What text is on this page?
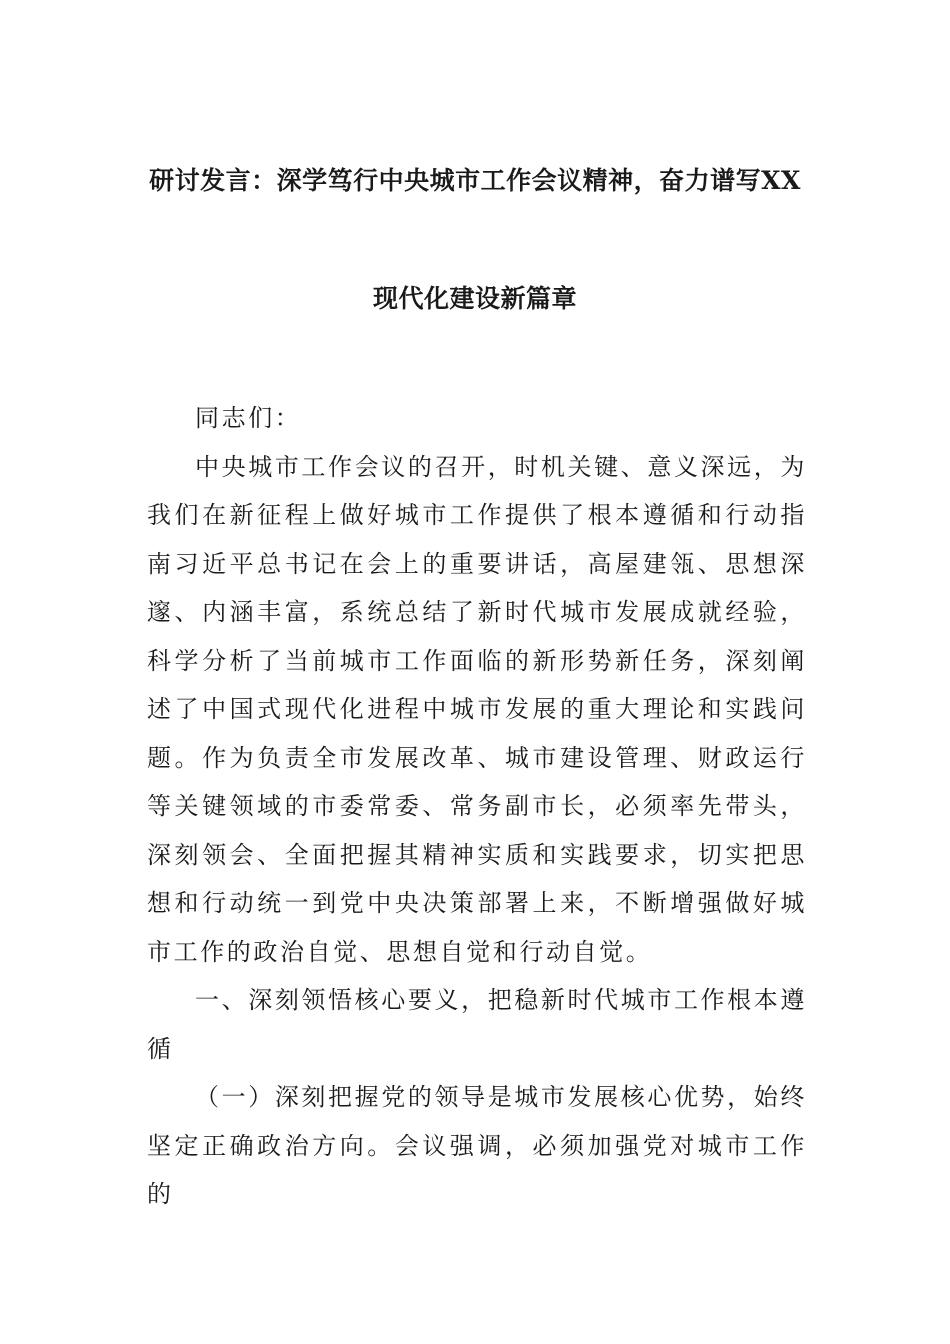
研讨发言：深学笃行中央城市工作会议精神，奋力谱写XX
现代化建设新篇章

同志们：

中央城市工作会议的召开，时机关键、意义深远，为我们在新征程上做好城市工作提供了根本遵循和行动指南习近平总书记在会上的重要讲话，高屋建瓴、思想深邃、内涵丰富，系统总结了新时代城市发展成就经验，科学分析了当前城市工作面临的新形势新任务，深刻阐述了中国式现代化进程中城市发展的重大理论和实践问题。作为负责全市发展改革、城市建设管理、财政运行等关键领域的市委常委、常务副市长，必须率先带头，深刻领会、全面把握其精神实质和实践要求，切实把思想和行动统一到党中央决策部署上来，不断增强做好城市工作的政治自觉、思想自觉和行动自觉。

一、深刻领悟核心要义，把稳新时代城市工作根本遵循

（一）深刻把握党的领导是城市发展核心优势，始终坚定正确政治方向。会议强调，必须加强党对城市工作的
